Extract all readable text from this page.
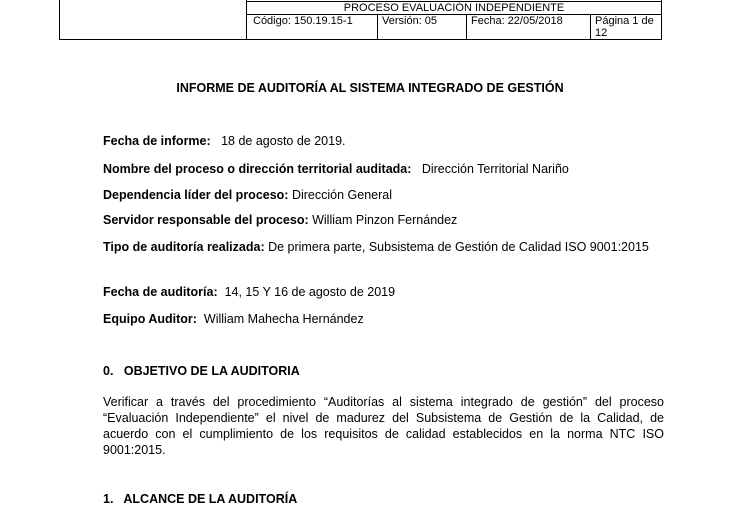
	PROCESO EVALUACIÓN INDEPENDIENTE			
	Código: 150.19.15-1	Versión: 05	Fecha: 22/05/2018	Página 1 de 12
INFORME DE AUDITORÍA AL SISTEMA INTEGRADO DE GESTIÓN
Fecha de informe: 18 de agosto de 2019.
Nombre del proceso o dirección territorial auditada: Dirección Territorial Nariño
Dependencia líder del proceso: Dirección General
Servidor responsable del proceso: William Pinzon Fernández
Tipo de auditoría realizada: De primera parte, Subsistema de Gestión de Calidad ISO 9001:2015
Fecha de auditoría: 14, 15 Y 16 de agosto de 2019
Equipo Auditor: William Mahecha Hernández
0.   OBJETIVO DE LA AUDITORIA
Verificar a través del procedimiento “Auditorías al sistema integrado de gestión” del proceso “Evaluación Independiente” el nivel de madurez del Subsistema de Gestión de la Calidad, de acuerdo con el cumplimiento de los requisitos de calidad establecidos en la norma NTC ISO 9001:2015.
1.   ALCANCE DE LA AUDITORÍA
